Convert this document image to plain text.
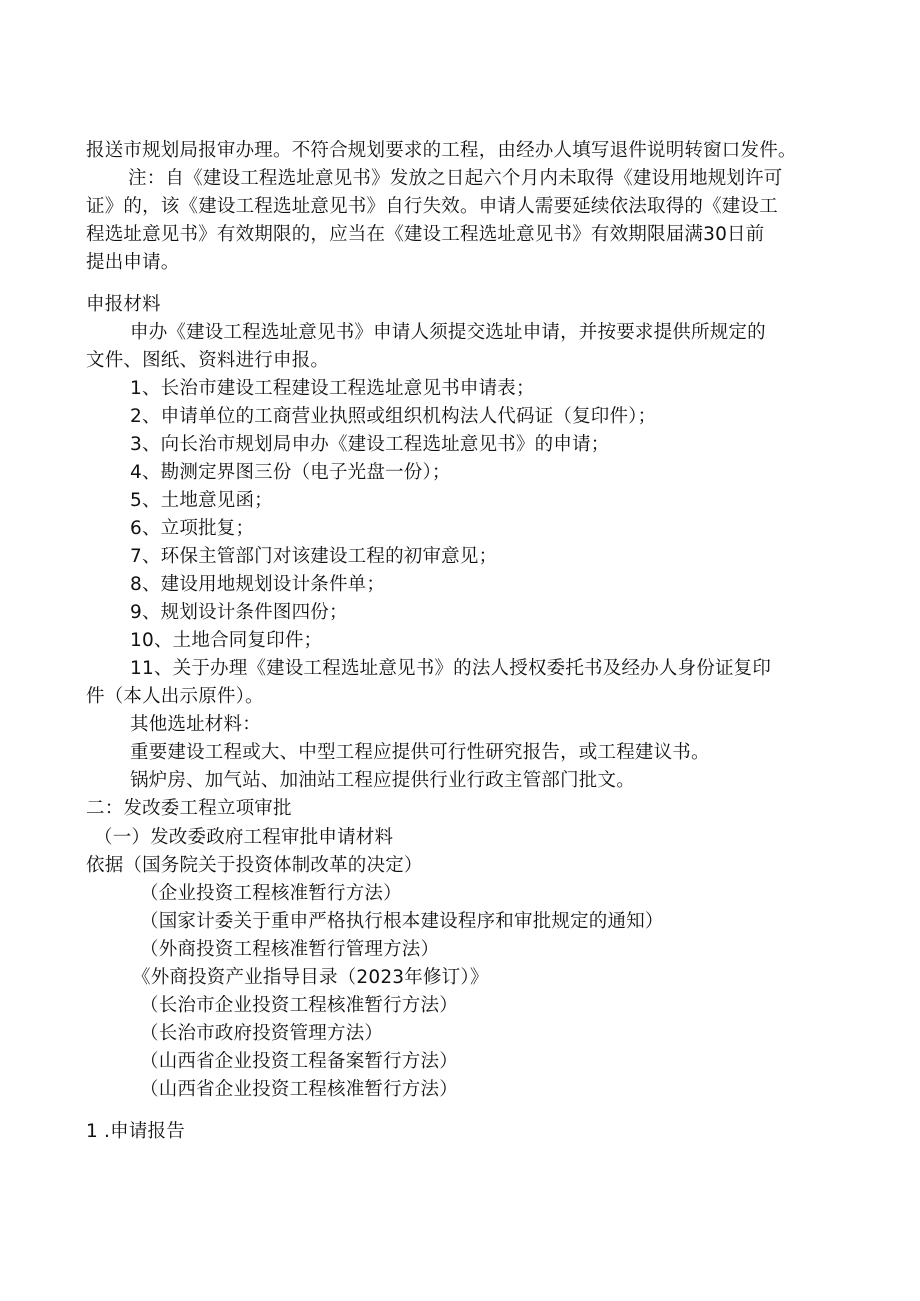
报送市规划局报审办理。不符合规划要求的工程，由经办人填写退件说明转窗口发件。
注：自《建设工程选址意见书》发放之日起六个月内未取得《建设用地规划许可
证》的，该《建设工程选址意见书》自行失效。申请人需要延续依法取得的《建设工
程选址意见书》有效期限的，应当在《建设工程选址意见书》有效期限届满30日前
提出申请。
申报材料
申办《建设工程选址意见书》申请人须提交选址申请，并按要求提供所规定的
文件、图纸、资料进行申报。
1、长治市建设工程建设工程选址意见书申请表；
2、申请单位的工商营业执照或组织机构法人代码证（复印件）；
3、向长治市规划局申办《建设工程选址意见书》的申请；
4、勘测定界图三份（电子光盘一份）；
5、土地意见函；
6、立项批复；
7、环保主管部门对该建设工程的初审意见；
8、建设用地规划设计条件单；
9、规划设计条件图四份；
10、土地合同复印件；
11、关于办理《建设工程选址意见书》的法人授权委托书及经办人身份证复印
件（本人出示原件）。
其他选址材料：
重要建设工程或大、中型工程应提供可行性研究报告，或工程建议书。
锅炉房、加气站、加油站工程应提供行业行政主管部门批文。
二：发改委工程立项审批
（一）发改委政府工程审批申请材料
依据（国务院关于投资体制改革的决定）
（企业投资工程核准暂行方法）
（国家计委关于重申严格执行根本建设程序和审批规定的通知）
（外商投资工程核准暂行管理方法）
《外商投资产业指导目录（2023年修订）》
（长治市企业投资工程核准暂行方法）
（长治市政府投资管理方法）
（山西省企业投资工程备案暂行方法）
（山西省企业投资工程核准暂行方法）
1 .申请报告
